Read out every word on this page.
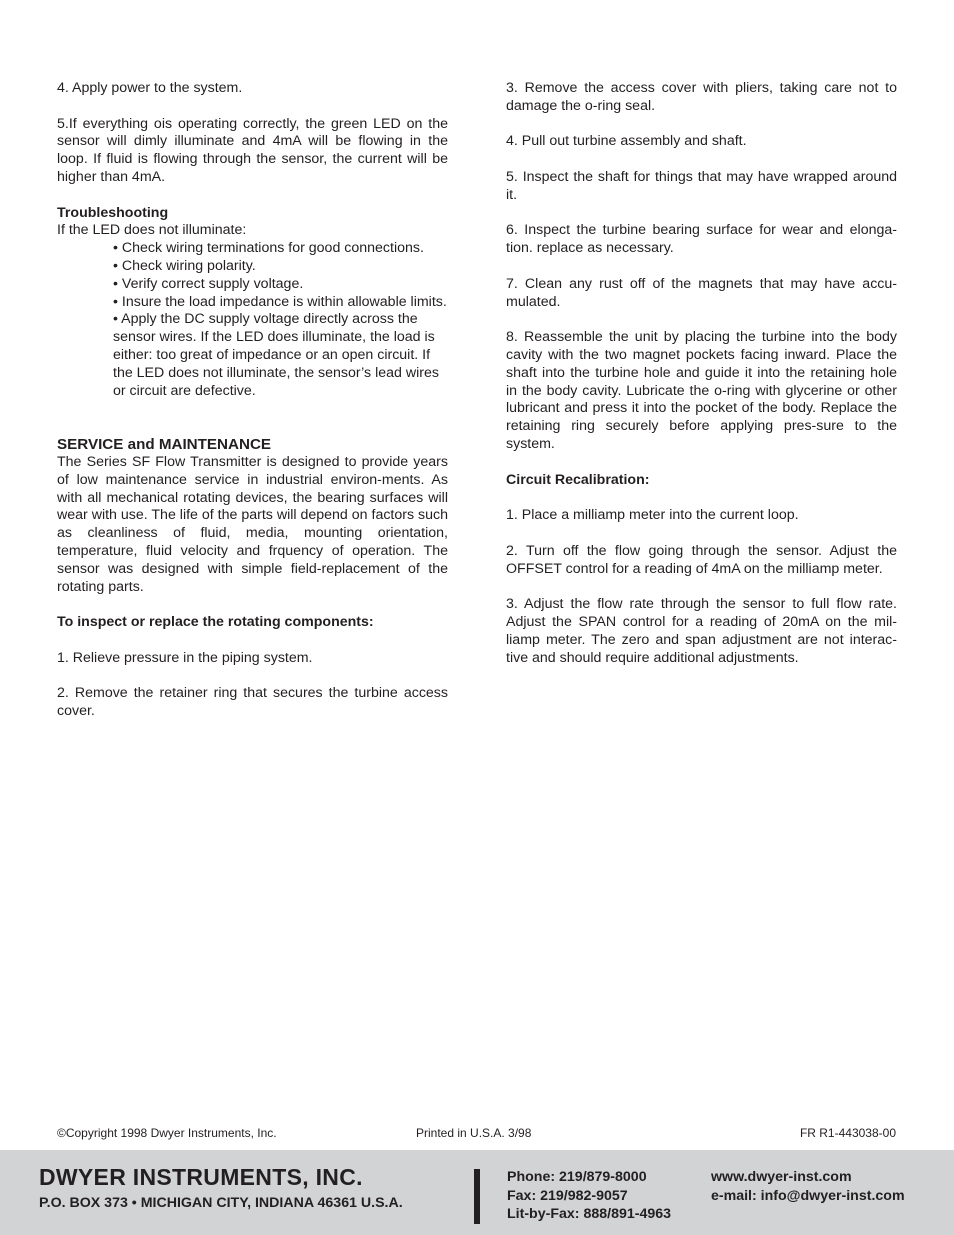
4. Apply power to the system.

5.If everything ois operating correctly, the green LED on the sensor will dimly illuminate and 4mA will be flowing in the loop. If fluid is flowing through the sensor, the current will be higher than 4mA.

Troubleshooting

If the LED does not illuminate:

• Check wiring terminations for good connections.
• Check wiring polarity.
• Verify correct supply voltage.
• Insure the load impedance is within allowable limits.
• Apply the DC supply voltage directly across the sensor wires. If the LED does illuminate, the load is either: too great of impedance or an open circuit. If the LED does not illuminate, the sensor’s lead wires or circuit are defective.

SERVICE and MAINTENANCE

The Series SF Flow Transmitter is designed to provide years of low maintenance service in industrial environ-ments. As with all mechanical rotating devices, the bearing surfaces will wear with use. The life of the parts will depend on factors such as cleanliness of fluid, media, mounting orientation, temperature, fluid velocity and frquency of operation. The sensor was designed with simple field-replacement of the rotating parts.

To inspect or replace the rotating components:

1. Relieve pressure in the piping system.

2. Remove the retainer ring that secures the turbine access cover.

3. Remove the access cover with pliers, taking care not to damage the o-ring seal.

4. Pull out turbine assembly and shaft.

5. Inspect the shaft for things that may have wrapped around it.

6. Inspect the turbine bearing surface for wear and elonga-tion. replace as necessary.

7. Clean any rust off of the magnets that may have accu-mulated.

8. Reassemble the unit by placing the turbine into the body cavity with the two magnet pockets facing inward. Place the shaft into the turbine hole and guide it into the retaining hole in the body cavity. Lubricate the o-ring with glycerine or other lubricant and press it into the pocket of the body. Replace the retaining ring securely before applying pres-sure to the system.

Circuit Recalibration:

1. Place a milliamp meter into the current loop.

2. Turn off the flow going through the sensor. Adjust the OFFSET control for a reading of 4mA on the milliamp meter.

3. Adjust the flow rate through the sensor to full flow rate. Adjust the SPAN control for a reading of 20mA on the mil-liamp meter. The zero and span adjustment are not interac-tive and should require additional adjustments.

©Copyright 1998 Dwyer Instruments, Inc.	Printed in U.S.A. 3/98	FR R1-443038-00
DWYER INSTRUMENTS, INC.
P.O. BOX 373 • MICHIGAN CITY, INDIANA 46361 U.S.A.
Phone: 219/879-8000
Fax: 219/982-9057
Lit-by-Fax: 888/891-4963
www.dwyer-inst.com
e-mail: info@dwyer-inst.com
